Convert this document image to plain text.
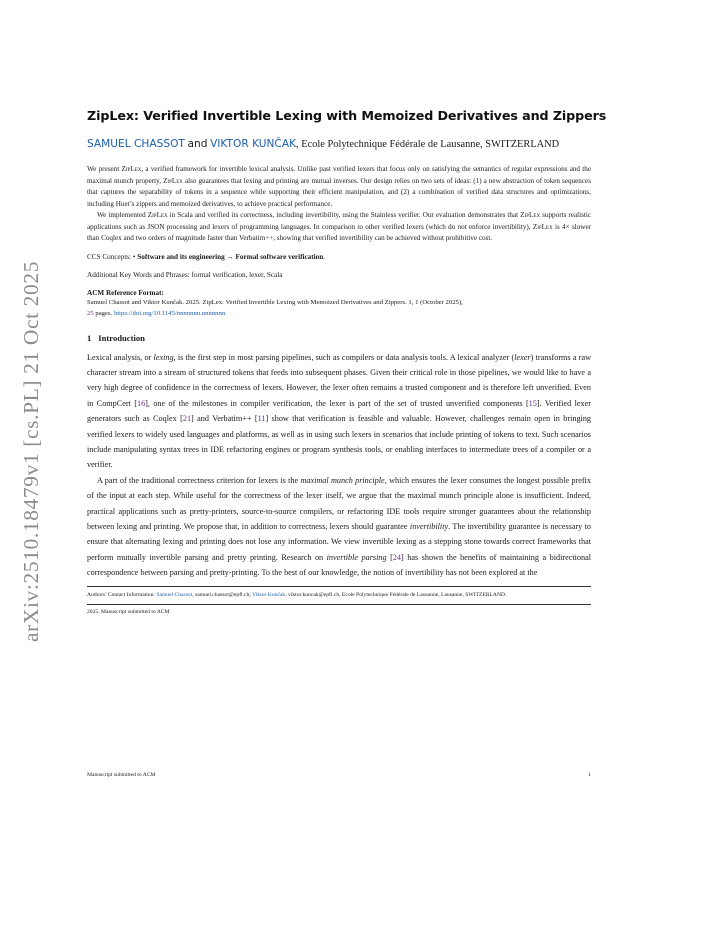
arXiv:2510.18479v1 [cs.PL] 21 Oct 2025
ZipLex: Verified Invertible Lexing with Memoized Derivatives and Zippers
SAMUEL CHASSOT and VIKTOR KUNČAK, Ecole Polytechnique Fédérale de Lausanne, SWITZERLAND

We present ZipLex, a verified framework for invertible lexical analysis. Unlike past verified lexers that focus only on satisfying the semantics of regular expressions and the maximal munch property, ZipLex also guarantees that lexing and printing are mutual inverses. Our design relies on two sets of ideas: (1) a new abstraction of token sequences that captures the separability of tokens in a sequence while supporting their efficient manipulation, and (2) a combination of verified data structures and optimizations, including Huet’s zippers and memoized derivatives, to achieve practical performance.

We implemented ZipLex in Scala and verified its correctness, including invertibility, using the Stainless verifier. Our evaluation demonstrates that ZipLex supports realistic applications such as JSON processing and lexers of programming languages. In comparison to other verified lexers (which do not enforce invertibility), ZipLex is 4× slower than Coqlex and two orders of magnitude faster than Verbatim++, showing that verified invertibility can be achieved without prohibitive cost.

CCS Concepts: • Software and its engineering → Formal software verification.
Additional Key Words and Phrases: formal verification, lexer, Scala
ACM Reference Format:

Samuel Chassot and Viktor Kunčak. 2025. ZipLex: Verified Invertible Lexing with Memoized Derivatives and Zippers. 1, 1 (October 2025),
25 pages. https://doi.org/10.1145/nnnnnnn.nnnnnnn

1 Introduction

Lexical analysis, or lexing, is the first step in most parsing pipelines, such as compilers or data analysis tools. A lexical analyzer (lexer) transforms a raw character stream into a stream of structured tokens that feeds into subsequent phases. Given their critical role in those pipelines, we would like to have a very high degree of confidence in the correctness of lexers. However, the lexer often remains a trusted component and is therefore left unverified. Even in CompCert [16], one of the milestones in compiler verification, the lexer is part of the set of trusted unverified components [15]. Verified lexer generators such as Coqlex [21] and Verbatim++ [11] show that verification is feasible and valuable. However, challenges remain open in bringing verified lexers to widely used languages and platforms, as well as in using such lexers in scenarios that include printing of tokens to text. Such scenarios include manipulating syntax trees in IDE refactoring engines or program synthesis tools, or enabling interfaces to intermediate trees of a compiler or a verifier.

A part of the traditional correctness criterion for lexers is the maximal munch principle, which ensures the lexer consumes the longest possible prefix of the input at each step. While useful for the correctness of the lexer itself, we argue that the maximal munch principle alone is insufficient. Indeed, practical applications such as pretty-printers, source-to-source compilers, or refactoring IDE tools require stronger guarantees about the relationship between lexing and printing. We propose that, in addition to correctness, lexers should guarantee invertibility. The invertibility guarantee is necessary to ensure that alternating lexing and printing does not lose any information. We view invertible lexing as a stepping stone towards correct frameworks that perform mutually invertible parsing and pretty printing. Research on invertible parsing [24] has shown the benefits of maintaining a bidirectional correspondence between parsing and pretty-printing. To the best of our knowledge, the notion of invertibility has not been explored at the

Authors’ Contact Information: Samuel Chassot, samuel.chassot@epfl.ch; Viktor Kunčak, viktor.kuncak@epfl.ch, Ecole Polytechnique Fédérale de Lausanne, Lausanne, SWITZERLAND.
2025. Manuscript submitted to ACM
Manuscript submitted to ACM	1
